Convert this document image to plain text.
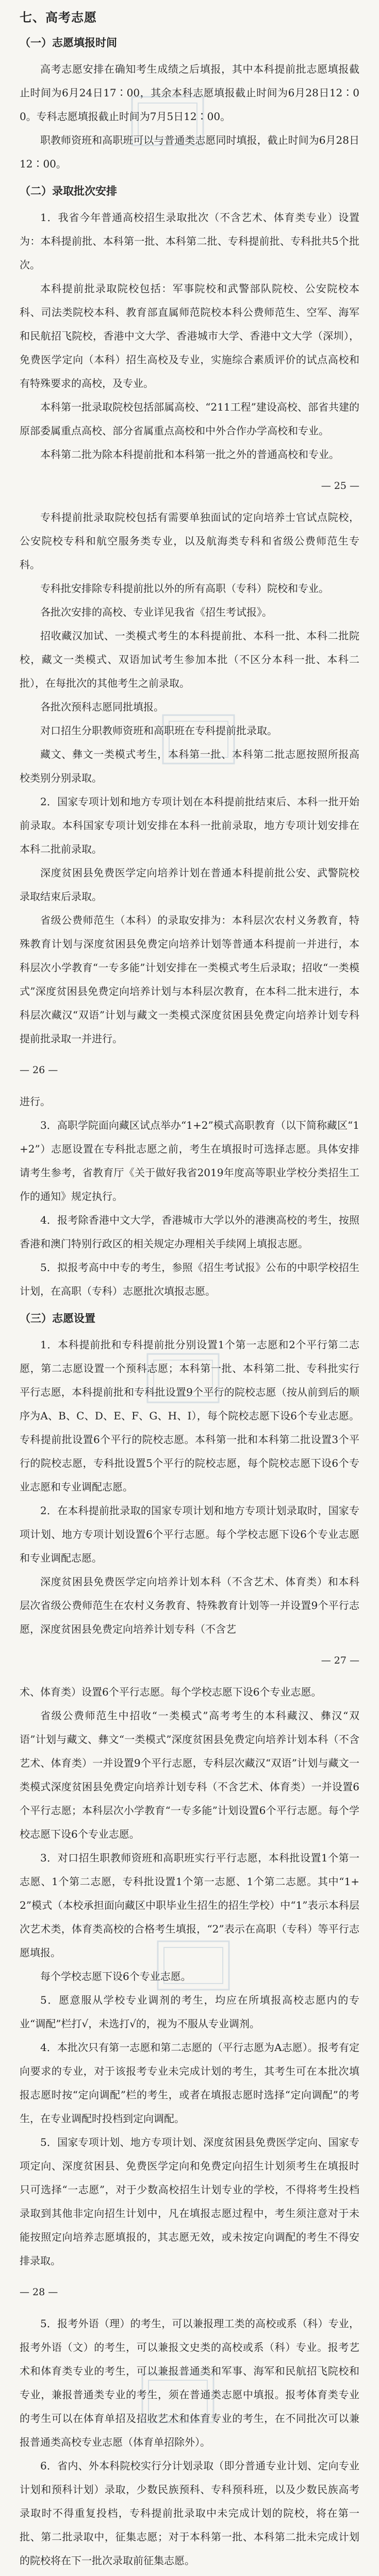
七、高考志愿
（一）志愿填报时间

高考志愿安排在确知考生成绩之后填报，其中本科提前批志愿填报截止时间为6月24日17∶00，其余本科志愿填报截止时间为6月28日12∶00。专科志愿填报截止时间为7月5日12∶00。

职教师资班和高职班可以与普通类志愿同时填报，截止时间为6月28日12∶00。

（二）录取批次安排

1．我省今年普通高校招生录取批次（不含艺术、体育类专业）设置为：本科提前批、本科第一批、本科第二批、专科提前批、专科批共5个批次。

本科提前批录取院校包括：军事院校和武警部队院校、公安院校本科、司法类院校本科、教育部直属师范院校本科公费师范生、空军、海军和民航招飞院校，香港中文大学、香港城市大学、香港中文大学（深圳），免费医学定向（本科）招生高校及专业，实施综合素质评价的试点高校和有特殊要求的高校，及专业。

本科第一批录取院校包括部属高校、“211工程”建设高校、部省共建的原部委属重点高校、部分省属重点高校和中外合作办学高校和专业。

本科第二批为除本科提前批和本科第一批之外的普通高校和专业。

— 25 —

专科提前批录取院校包括有需要单独面试的定向培养士官试点院校，公安院校专科和航空服务类专业，以及航海类专科和省级公费师范生专科。

专科批安排除专科提前批以外的所有高职（专科）院校和专业。

各批次安排的高校、专业详见我省《招生考试报》。

招收藏汉加试、一类模式考生的本科提前批、本科一批、本科二批院校，藏文一类模式、双语加试考生参加本批（不区分本科一批、本科二批），在每批次的其他考生之前录取。

各批次预科志愿同批填报。

对口招生分职教师资班和高职班在专科提前批录取。

藏文、彝文一类模式考生，本科第一批、本科第二批志愿按照所报高校类别分别录取。

2．国家专项计划和地方专项计划在本科提前批结束后、本科一批开始前录取。本科国家专项计划安排在本科一批前录取，地方专项计划安排在本科二批前录取。

深度贫困县免费医学定向培养计划在普通本科提前批公安、武警院校录取结束后录取。

省级公费师范生（本科）的录取安排为：本科层次农村义务教育，特殊教育计划与深度贫困县免费定向培养计划等普通本科提前一并进行，本科层次小学教育“一专多能”计划安排在一类模式考生后录取；招收“一类模式”深度贫困县免费定向培养计划与本科层次教育，在本科二批末进行，本科层次藏汉“双语”计划与藏文一类模式深度贫困县免费定向培养计划专科提前批录取一并进行。

— 26 —

进行。

3．高职学院面向藏区试点举办“1+2”模式高职教育（以下简称藏区“1+2”）志愿设置在专科批志愿之前，考生在填报时可选择志愿。具体安排请考生参考，省教育厅《关于做好我省2019年度高等职业学校分类招生工作的通知》规定执行。

4．报考除香港中文大学，香港城市大学以外的港澳高校的考生，按照香港和澳门特别行政区的相关规定办理相关手续网上填报志愿。

5．拟报考高中中专的考生，参照《招生考试报》公布的中职学校招生计划，在高职（专科）志愿批次填报志愿。

（三）志愿设置

1．本科提前批和专科提前批分别设置1个第一志愿和2个平行第二志愿，第二志愿设置一个预科志愿；本科第一批、本科第二批、专科批实行平行志愿，本科提前批和专科批设置9个平行的院校志愿（按从前到后的顺序为A、B、C、D、E、F、G、H、I），每个院校志愿下设6个专业志愿。专科提前批设置6个平行的院校志愿。本科第一批和本科第二批设置3个平行的院校志愿，专科批设置5个平行的院校志愿，每个院校志愿下设6个专业志愿和专业调配志愿。

2．在本科提前批录取的国家专项计划和地方专项计划录取时，国家专项计划、地方专项计划设置6个平行志愿。每个学校志愿下设6个专业志愿和专业调配志愿。

深度贫困县免费医学定向培养计划本科（不含艺术、体育类）和本科层次省级公费师范生在农村义务教育、特殊教育计划等一并设置9个平行志愿，深度贫困县免费定向培养计划专科（不含艺

— 27 —

术、体育类）设置6个平行志愿。每个学校志愿下设6个专业志愿。

省级公费师范生中招收“一类模式”高考考生的本科藏汉、彝汉“双语”计划与藏文、彝文“一类模式”深度贫困县免费定向培养计划本科（不含艺术、体育类）一并设置9个平行志愿，专科层次藏汉“双语”计划与藏文一类模式深度贫困县免费定向培养计划专科（不含艺术、体育类）一并设置6个平行志愿；本科层次小学教育“一专多能”计划设置6个平行志愿。每个学校志愿下设6个专业志愿。

3．对口招生职教师资班和高职班实行平行志愿，本科批设置1个第一志愿、1个第二志愿，专科批设置1个第一志愿、1个第二志愿。其中“1+2”模式（本校承担面向藏区中职毕业生招生的招生学校）中“1”表示本科层次艺术类，体育类高校的合格考生填报，“2”表示在高职（专科）等平行志愿填报。

每个学校志愿下设6个专业志愿。

5．愿意服从学校专业调剂的考生，均应在所填报高校志愿内的专业“调配”栏打√，未选打√的，视为不服从专业调剂。

4．本批次只有第一志愿和第二志愿的（平行志愿为A志愿）。报考有定向要求的专业，对于该报考专业未完成计划的考生，其考生可在本批次填报志愿时按“定向调配”栏的考生，或者在填报志愿时选择“定向调配”的考生，在专业调配时投档到定向调配。

5．国家专项计划、地方专项计划、深度贫困县免费医学定向、国家专项定向、深度贫困县、免费医学定向和免费定向招生计划须考生在填报时只可选择“一志愿”，对于少数高校招生计划专业的学校，不得将考生投档录取到其他非定向招生计划中，凡在填报志愿过程中，考生须注意对于未能按照定向培养志愿填报的，其志愿无效，或未按定向调配的考生不得安排录取。

— 28 —

5．报考外语（理）的考生，可以兼报理工类的高校或系（科）专业，报考外语（文）的考生，可以兼报文史类的高校或系（科）专业。报考艺术和体育类专业的考生，可以兼报普通类和军事、海军和民航招飞院校和专业，兼报普通类专业的考生，须在普通类志愿中填报。报考体育类专业的考生可以在体育单招及招收艺术和体育专业的考生，在不同批次可以兼报普通类高校专业志愿（体育单招除外）。

6．省内、外本科院校实行分计划录取（即分普通专业计划、定向专业计划和预科计划）录取，少数民族预科、专科预科班，以及少数民族高考录取时不得重复投档，专科提前批录取中未完成计划的院校，将在第一批、第二批录取中，征集志愿；对于本科第一批、本科第二批未完成计划的院校将在下一批次录取前征集志愿。
